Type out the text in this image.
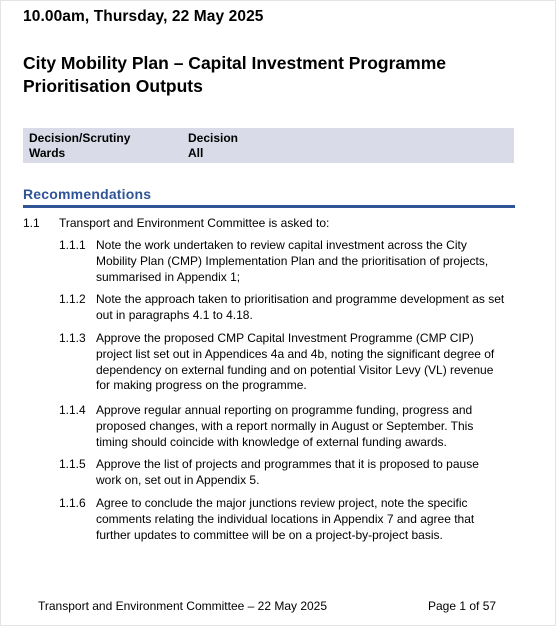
10.00am, Thursday, 22 May 2025
City Mobility Plan – Capital Investment Programme Prioritisation Outputs
Decision/Scrutiny
Wards
Decision
All
Recommendations
1.1 Transport and Environment Committee is asked to:
1.1.1 Note the work undertaken to review capital investment across the City Mobility Plan (CMP) Implementation Plan and the prioritisation of projects, summarised in Appendix 1;
1.1.2 Note the approach taken to prioritisation and programme development as set out in paragraphs 4.1 to 4.18.
1.1.3 Approve the proposed CMP Capital Investment Programme (CMP CIP) project list set out in Appendices 4a and 4b, noting the significant degree of dependency on external funding and on potential Visitor Levy (VL) revenue for making progress on the programme.
1.1.4 Approve regular annual reporting on programme funding, progress and proposed changes, with a report normally in August or September. This timing should coincide with knowledge of external funding awards.
1.1.5 Approve the list of projects and programmes that it is proposed to pause work on, set out in Appendix 5.
1.1.6 Agree to conclude the major junctions review project, note the specific comments relating the individual locations in Appendix 7 and agree that further updates to committee will be on a project-by-project basis.
Transport and Environment Committee – 22 May 2025	Page 1 of 57
